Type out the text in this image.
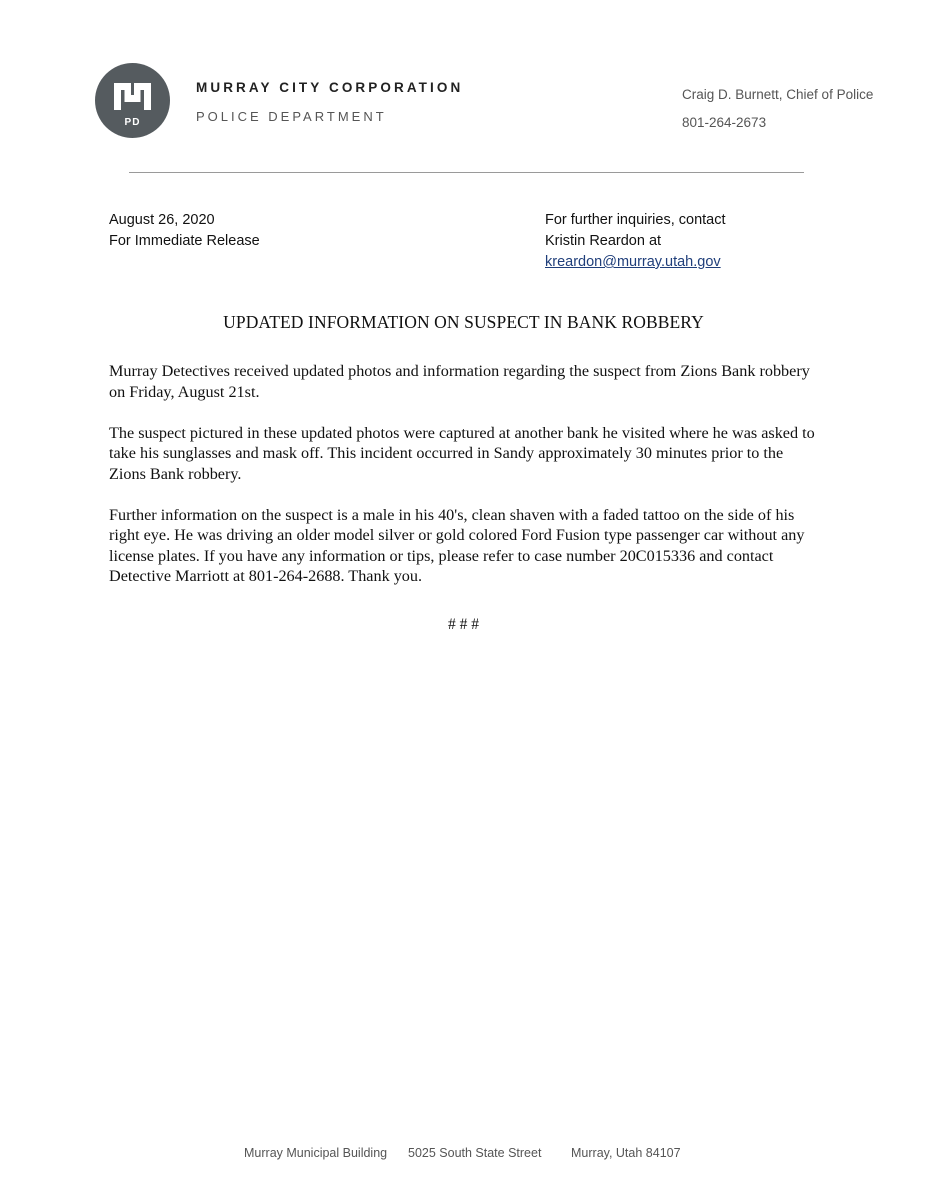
PD
MURRAY CITY CORPORATION
POLICE DEPARTMENT
Craig D. Burnett, Chief of Police
801-264-2673
August 26, 2020
For Immediate Release
For further inquiries, contact
Kristin Reardon at
kreardon@murray.utah.gov
UPDATED INFORMATION ON SUSPECT IN BANK ROBBERY

Murray Detectives received updated photos and information regarding the suspect from Zions Bank robbery on Friday, August 21st.

The suspect pictured in these updated photos were captured at another bank he visited where he was asked to take his sunglasses and mask off. This incident occurred in Sandy approximately 30 minutes prior to the Zions Bank robbery.

Further information on the suspect is a male in his 40's, clean shaven with a faded tattoo on the side of his right eye. He was driving an older model silver or gold colored Ford Fusion type passenger car without any license plates. If you have any information or tips, please refer to case number 20C015336 and contact Detective Marriott at 801-264-2688. Thank you.

# # #
Murray Municipal Building 5025 South State Street Murray, Utah 84107
